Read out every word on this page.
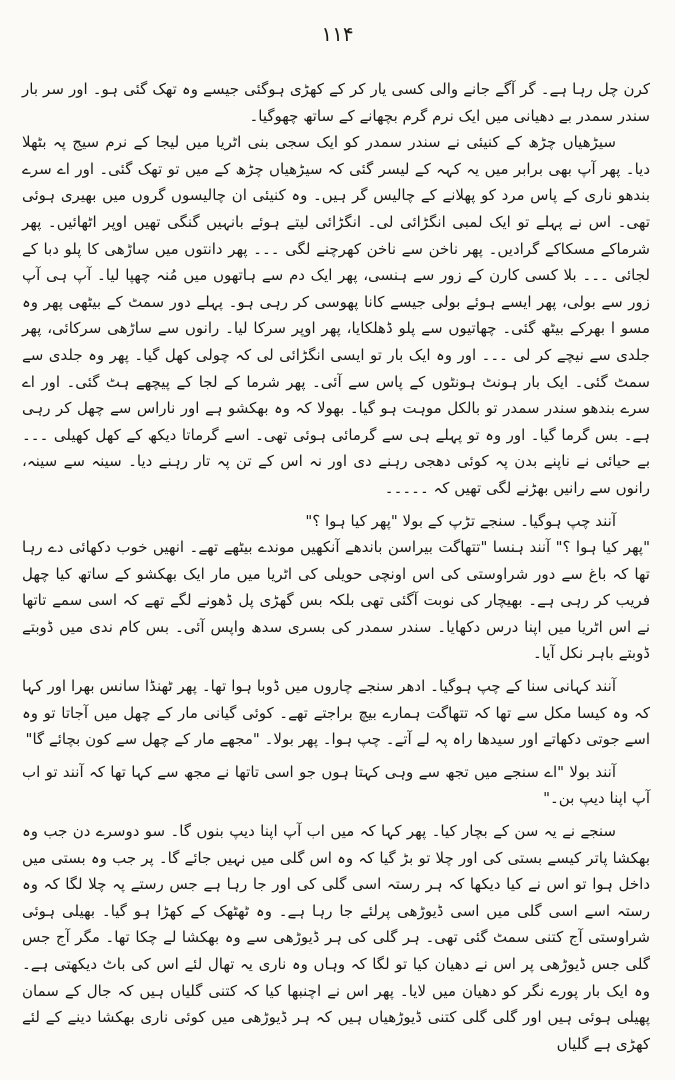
۱۱۴

کرن چل رہا ہے۔ گر آگے جانے والی کسی یار کر کے کھڑی ہوگئی جیسے وہ تھک گئی ہو۔ اور سر بار سندر سمدر بے دھیانی میں ایک نرم گرم بچھانے کے ساتھ چھوگیا۔

سیڑھیاں چڑھ کے کنیئی نے سندر سمدر کو ایک سجی بنی اٹریا میں لیجا کے نرم سیج پہ بٹھلا دیا۔ پھر آپ بھی برابر میں یہ کہہ کے لیسر گئی کہ سیڑھیاں چڑھ کے میں تو تھک گئی۔ اور اے سرے بندھو ناری کے پاس مرد کو پھلانے کے چالیس گر ہیں۔ وہ کنیئی ان چالیسوں گروں میں بھیری ہوئی تھی۔ اس نے پہلے تو ایک لمبی انگڑائی لی۔ انگڑائی لیتے ہوئے بانہیں گنگی تھیں اوپر اٹھائیں۔ پھر شرماکے مسکاکے گرادیں۔ پھر ناخن سے ناخن کھرچنے لگی ۔۔۔ پھر دانتوں میں ساڑھی کا پلو دبا کے لجائی ۔۔۔ بلا کسی کارن کے زور سے ہنسی، پھر ایک دم سے ہاتھوں میں مُنہ چھپا لیا۔ آپ ہی آپ زور سے بولی، پھر ایسے ہوئے بولی جیسے کانا پھوسی کر رہی ہو۔ پہلے دور سمٹ کے بیٹھی پھر وہ مسو ا بھرکے بیٹھ گئی۔ چھاتیوں سے پلو ڈھلکایا، پھر اوپر سرکا لیا۔ رانوں سے ساڑھی سرکائی، پھر جلدی سے نیچے کر لی ۔۔۔ اور وہ ایک بار تو ایسی انگڑائی لی کہ چولی کھل گیا۔ پھر وہ جلدی سے سمٹ گئی۔ ایک بار ہونٹ ہونٹوں کے پاس سے آئی۔ پھر شرما کے لجا کے پیچھے ہٹ گئی۔ اور اے سرے بندھو سندر سمدر تو بالکل موہت ہو گیا۔ بھولا کہ وہ بھکشو ہے اور ناراس سے چھل کر رہی ہے۔ بس گرما گیا۔ اور وہ تو پہلے ہی سے گرمائی ہوئی تھی۔ اسے گرماتا دیکھ کے کھل کھیلی ۔۔۔ بے حیائی نے ناپنے بدن پہ کوئی دھجی رہنے دی اور نہ اس کے تن پہ تار رہنے دیا۔ سینہ سے سینہ، رانوں سے رانیں بھڑنے لگی تھیں کہ ۔۔۔۔۔

آنند چپ ہوگیا۔ سنجے تڑپ کے بولا "پھر کیا ہوا ؟"

"پھر کیا ہوا ؟" آنند ہنسا "تتھاگت بیراسن باندھے آنکھیں موندے بیٹھے تھے۔ انھیں خوب دکھائی دے رہا تھا کہ باغ سے دور شراوستی کی اس اونچی حویلی کی اٹریا میں مار ایک بھکشو کے ساتھ کیا چھل فریب کر رہی ہے۔ بھیچار کی نوبت آگئی تھی بلکہ بس گھڑی پل ڈھونے لگے تھے کہ اسی سمے تاتھا نے اس اٹریا میں اپنا درس دکھایا۔ سندر سمدر کی بسری سدھ واپس آئی۔ بس کام ندی میں ڈوبتے ڈوبتے باہر نکل آیا۔

آنند کہانی سنا کے چپ ہوگیا۔ ادھر سنجے چاروں میں ڈوبا ہوا تھا۔ پھر ٹھنڈا سانس بھرا اور کہا کہ وہ کیسا مکل سے تھا کہ تتھاگت ہمارے بیچ براجتے تھے۔ کوئی گیانی مار کے چھل میں آجاتا تو وہ اسے جوتی دکھاتے اور سیدھا راہ پہ لے آتے۔ چپ ہوا۔ پھر بولا۔ "مجھے مار کے چھل سے کون بچائے گا"

آنند بولا "اے سنجے میں تجھ سے وہی کہتا ہوں جو اسی تاتھا نے مجھ سے کہا تھا کہ آنند تو اب آپ اپنا دیپ بن۔"

سنجے نے یہ سن کے بچار کیا۔ پھر کہا کہ میں اب آپ اپنا دیپ بنوں گا۔ سو دوسرے دن جب وہ بھکشا پاتر کیسے بستی کی اور چلا تو بڑ گیا کہ وہ اس گلی میں نہیں جائے گا۔ پر جب وہ بستی میں داخل ہوا تو اس نے کیا دیکھا کہ ہر رستہ اسی گلی کی اور جا رہا ہے جس رستے پہ چلا لگا کہ وہ رستہ اسے اسی گلی میں اسی ڈیوڑھی پرلئے جا رہا ہے۔ وہ ٹھٹھک کے کھڑا ہو گیا۔ بھیلی ہوئی شراوستی آج کتنی سمٹ گئی تھی۔ ہر گلی کی ہر ڈیوڑھی سے وہ بھکشا لے چکا تھا۔ مگر آج جس گلی جس ڈیوڑھی پر اس نے دھیان کیا تو لگا کہ وہاں وہ ناری یہ تھال لئے اس کی باٹ دیکھتی ہے۔ وہ ایک بار پورے نگر کو دھیان میں لایا۔ پھر اس نے اچنبھا کیا کہ کتنی گلیاں ہیں کہ جال کے سمان پھیلی ہوئی ہیں اور گلی گلی کتنی ڈیوڑھیاں ہیں کہ ہر ڈیوڑھی میں کوئی ناری بھکشا دینے کے لئے کھڑی ہے گلیاں
